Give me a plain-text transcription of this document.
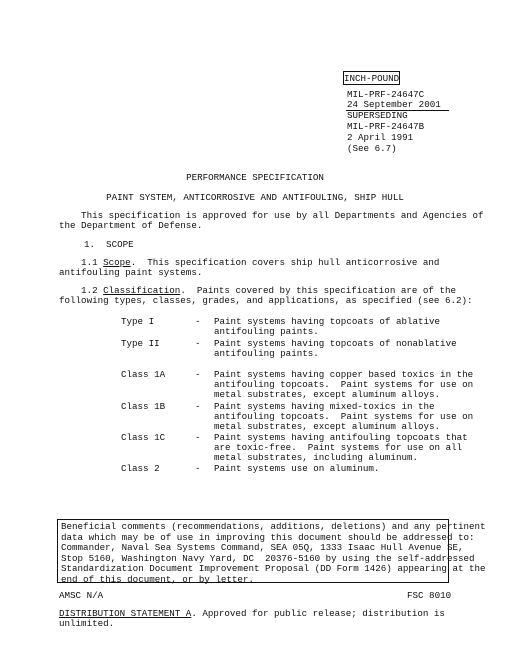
INCH-POUND
MIL-PRF-24647C
24 September 2001
SUPERSEDING
MIL-PRF-24647B
2 April 1991
(See 6.7)
PERFORMANCE SPECIFICATION
PAINT SYSTEM, ANTICORROSIVE AND ANTIFOULING, SHIP HULL
This specification is approved for use by all Departments and Agencies of
the Department of Defense.
1.  SCOPE
1.1 Scope.  This specification covers ship hull anticorrosive and
antifouling paint systems.
1.2 Classification.  Paints covered by this specification are of the
following types, classes, grades, and applications, as specified (see 6.2):
Type I	- Paint systems having topcoats of ablative
antifouling paints.
Type II	- Paint systems having topcoats of nonablative
antifouling paints.
Class 1A	- Paint systems having copper based toxics in the
antifouling topcoats.  Paint systems for use on
metal substrates, except aluminum alloys.
Class 1B	- Paint systems having mixed-toxics in the
antifouling topcoats.  Paint systems for use on
metal substrates, except aluminum alloys.
Class 1C	- Paint systems having antifouling topcoats that
are toxic-free.  Paint systems for use on all
metal substrates, including aluminum.
Class 2	- Paint systems use on aluminum.
Beneficial comments (recommendations, additions, deletions) and any pertinent
data which may be of use in improving this document should be addressed to:
Commander, Naval Sea Systems Command, SEA 05Q, 1333 Isaac Hull Avenue SE,
Stop 5160, Washington Navy Yard, DC  20376-5160 by using the self-addressed
Standardization Document Improvement Proposal (DD Form 1426) appearing at the
end of this document, or by letter.
AMSC N/A	FSC 8010
DISTRIBUTION STATEMENT A. Approved for public release; distribution is
unlimited.
